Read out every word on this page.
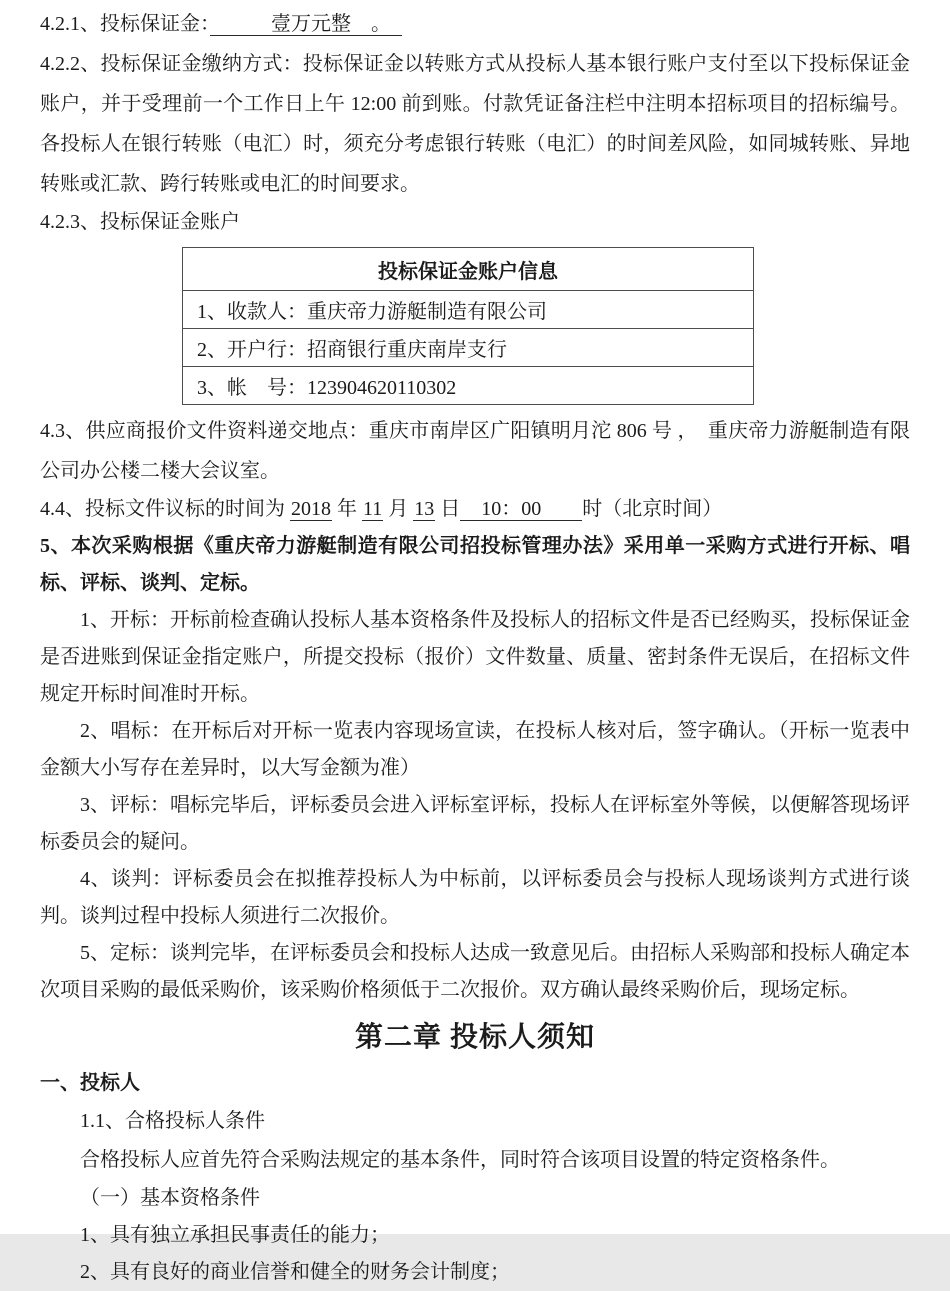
4.2.1、投标保证金：　　　壹万元整　。　

4.2.2、投标保证金缴纳方式：投标保证金以转账方式从投标人基本银行账户支付至以下投标保证金账户，并于受理前一个工作日上午 12:00 前到账。付款凭证备注栏中注明本招标项目的招标编号。各投标人在银行转账（电汇）时，须充分考虑银行转账（电汇）的时间差风险，如同城转账、异地转账或汇款、跨行转账或电汇的时间要求。

4.2.3、投标保证金账户

投标保证金账户信息
1、收款人：重庆帝力游艇制造有限公司
2、开户行：招商银行重庆南岸支行
3、帐　号：123904620110302

4.3、供应商报价文件资料递交地点：重庆市南岸区广阳镇明月沱 806 号 ，　重庆帝力游艇制造有限公司办公楼二楼大会议室。

4.4、投标文件议标的时间为 2018 年 11 月 13 日　10：00　　时（北京时间）

5、本次采购根据《重庆帝力游艇制造有限公司招投标管理办法》采用单一采购方式进行开标、唱标、评标、谈判、定标。

1、开标：开标前检查确认投标人基本资格条件及投标人的招标文件是否已经购买，投标保证金是否进账到保证金指定账户，所提交投标（报价）文件数量、质量、密封条件无误后，在招标文件规定开标时间准时开标。

2、唱标：在开标后对开标一览表内容现场宣读，在投标人核对后，签字确认。（开标一览表中金额大小写存在差异时，以大写金额为准）

3、评标：唱标完毕后，评标委员会进入评标室评标，投标人在评标室外等候，以便解答现场评标委员会的疑问。

4、谈判：评标委员会在拟推荐投标人为中标前，以评标委员会与投标人现场谈判方式进行谈判。谈判过程中投标人须进行二次报价。

5、定标：谈判完毕，在评标委员会和投标人达成一致意见后。由招标人采购部和投标人确定本次项目采购的最低采购价，该采购价格须低于二次报价。双方确认最终采购价后，现场定标。

第二章 投标人须知

一、投标人

1.1、合格投标人条件

合格投标人应首先符合采购法规定的基本条件，同时符合该项目设置的特定资格条件。

（一）基本资格条件

1、具有独立承担民事责任的能力；

2、具有良好的商业信誉和健全的财务会计制度；
